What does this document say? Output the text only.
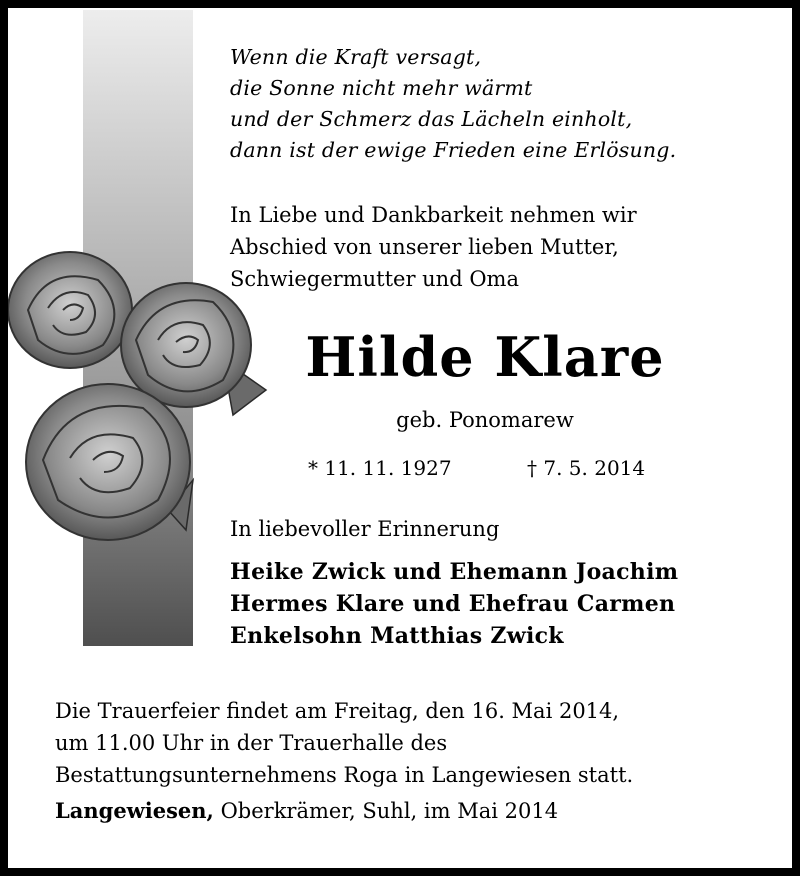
Wenn die Kraft versagt,
die Sonne nicht mehr wärmt
und der Schmerz das Lächeln einholt,
dann ist der ewige Frieden eine Erlösung.
In Liebe und Dankbarkeit nehmen wir
Abschied von unserer lieben Mutter,
Schwiegermutter und Oma
Hilde Klare
geb. Ponomarew
* 11. 11. 1927	† 7. 5. 2014
In liebevoller Erinnerung
Heike Zwick und Ehemann Joachim
Hermes Klare und Ehefrau Carmen
Enkelsohn Matthias Zwick
Die Trauerfeier findet am Freitag, den 16. Mai 2014,
um 11.00 Uhr in der Trauerhalle des
Bestattungsunternehmens Roga in Langewiesen statt.
Langewiesen, Oberkrämer, Suhl, im Mai 2014
